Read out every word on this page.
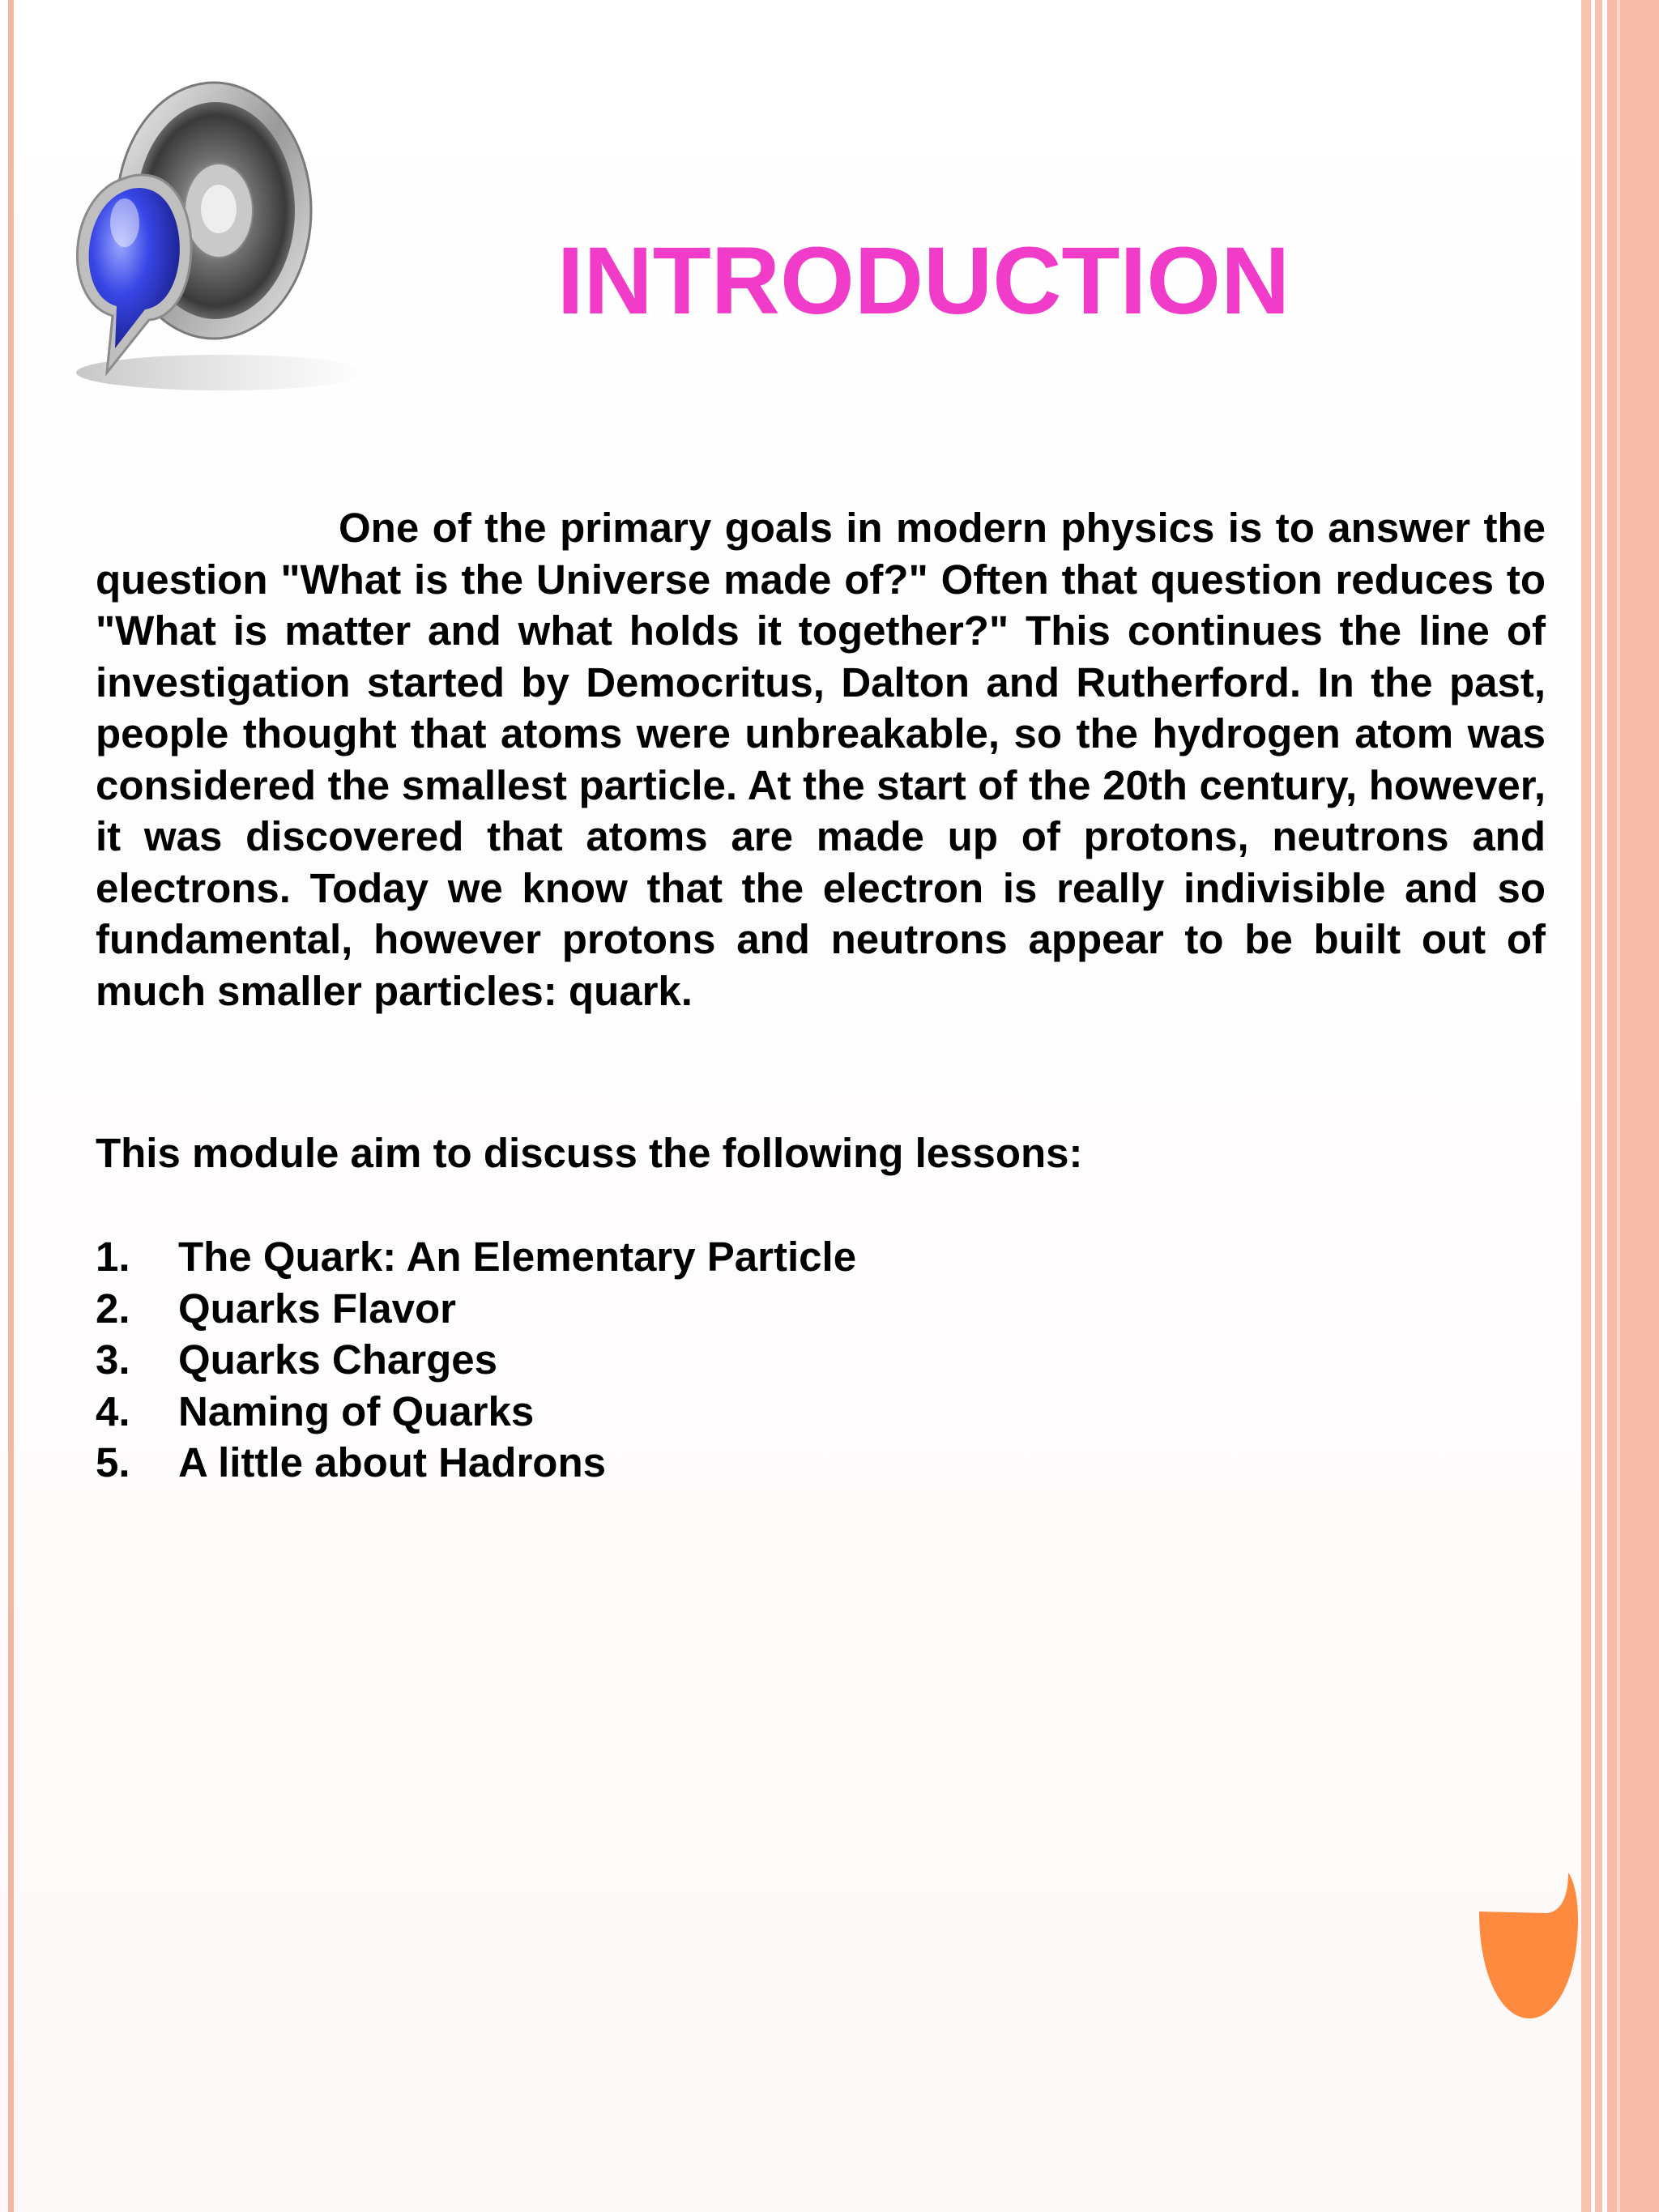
INTRODUCTION

One of the primary goals in modern physics is to answer the question "What is the Universe made of?" Often that question reduces to "What is matter and what holds it together?" This continues the line of investigation started by Democritus, Dalton and Rutherford. In the past, people thought that atoms were unbreakable, so the hydrogen atom was considered the smallest particle. At the start of the 20th century, however, it was discovered that atoms are made up of protons, neutrons and electrons. Today we know that the electron is really indivisible and so fundamental, however protons and neutrons appear to be built out of much smaller particles: quark.

This module aim to discuss the following lessons:

1.	The Quark: An Elementary Particle
2.	Quarks Flavor
3.	Quarks Charges
4.	Naming of Quarks
5.	A little about Hadrons
